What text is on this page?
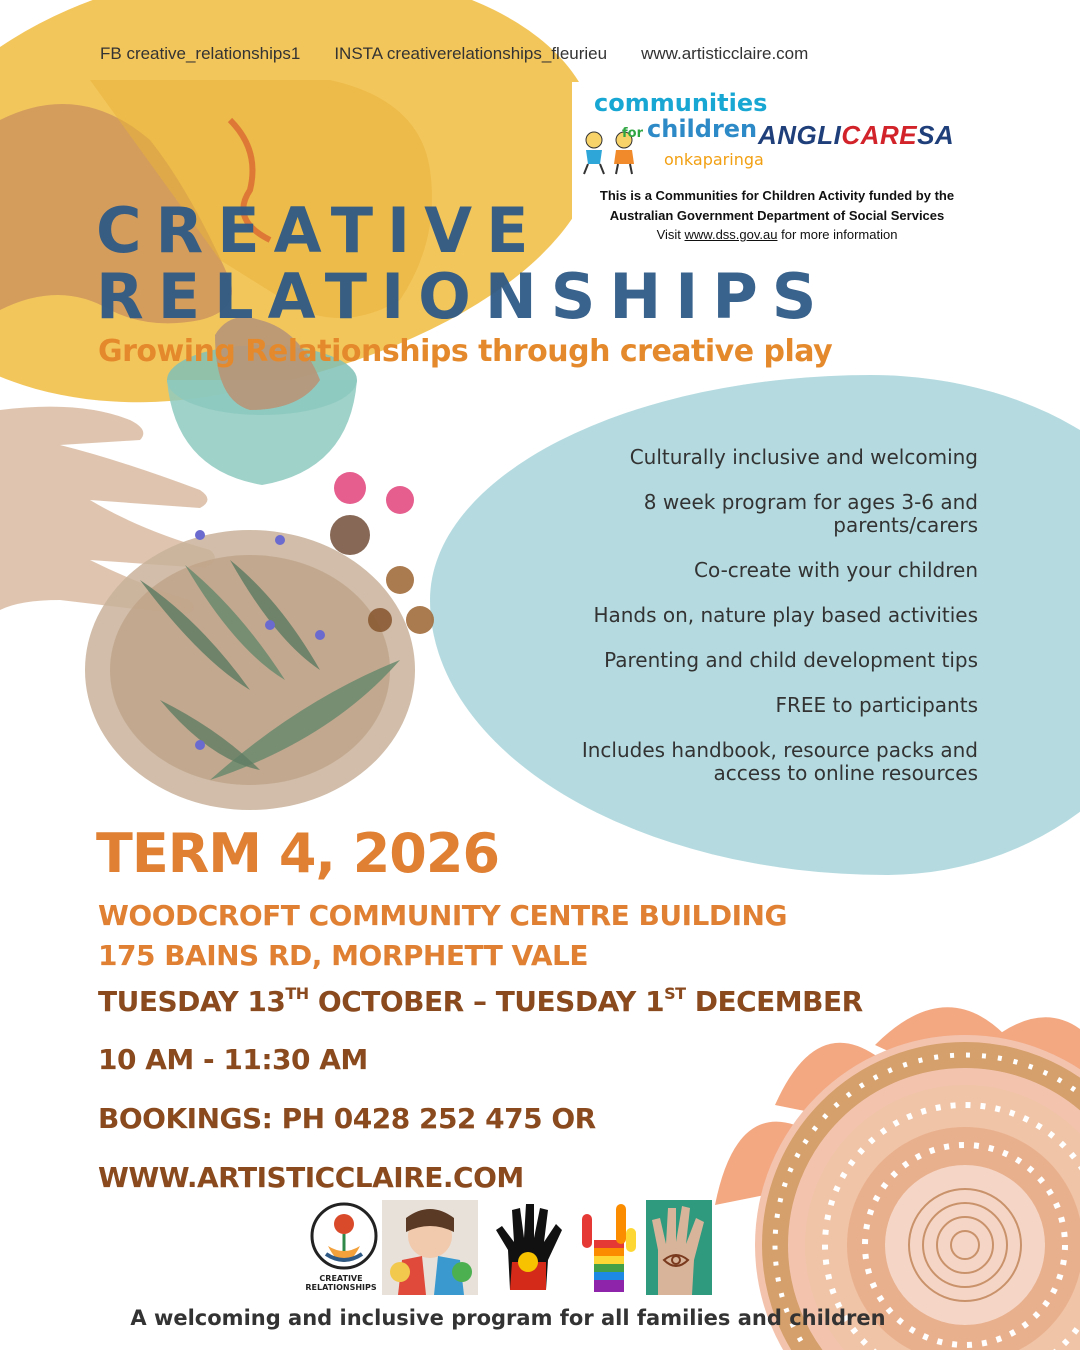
FB creative_relationships1 INSTA creativerelationships_fleurieu www.artisticclaire.com
communities
for children
onkaparinga
ANGLICARESA
This is a Communities for Children Activity funded by the
Australian Government Department of Social Services
Visit www.dss.gov.au for more information
CREATIVE
RELATIONSHIPS
Growing Relationships through creative play
Culturally inclusive and welcoming
8 week program for ages 3-6 and
parents/carers
Co-create with your children
Hands on, nature play based activities
Parenting and child development tips
FREE to participants
Includes handbook, resource packs and
access to online resources
TERM 4, 2026
WOODCROFT COMMUNITY CENTRE BUILDING
175 BAINS RD, MORPHETT VALE
TUESDAY 13TH OCTOBER – TUESDAY 1ST DECEMBER
10 AM - 11:30 AM
BOOKINGS: PH 0428 252 475 OR
WWW.ARTISTICCLAIRE.COM
CREATIVE
RELATIONSHIPS
A welcoming and inclusive program for all families and children
